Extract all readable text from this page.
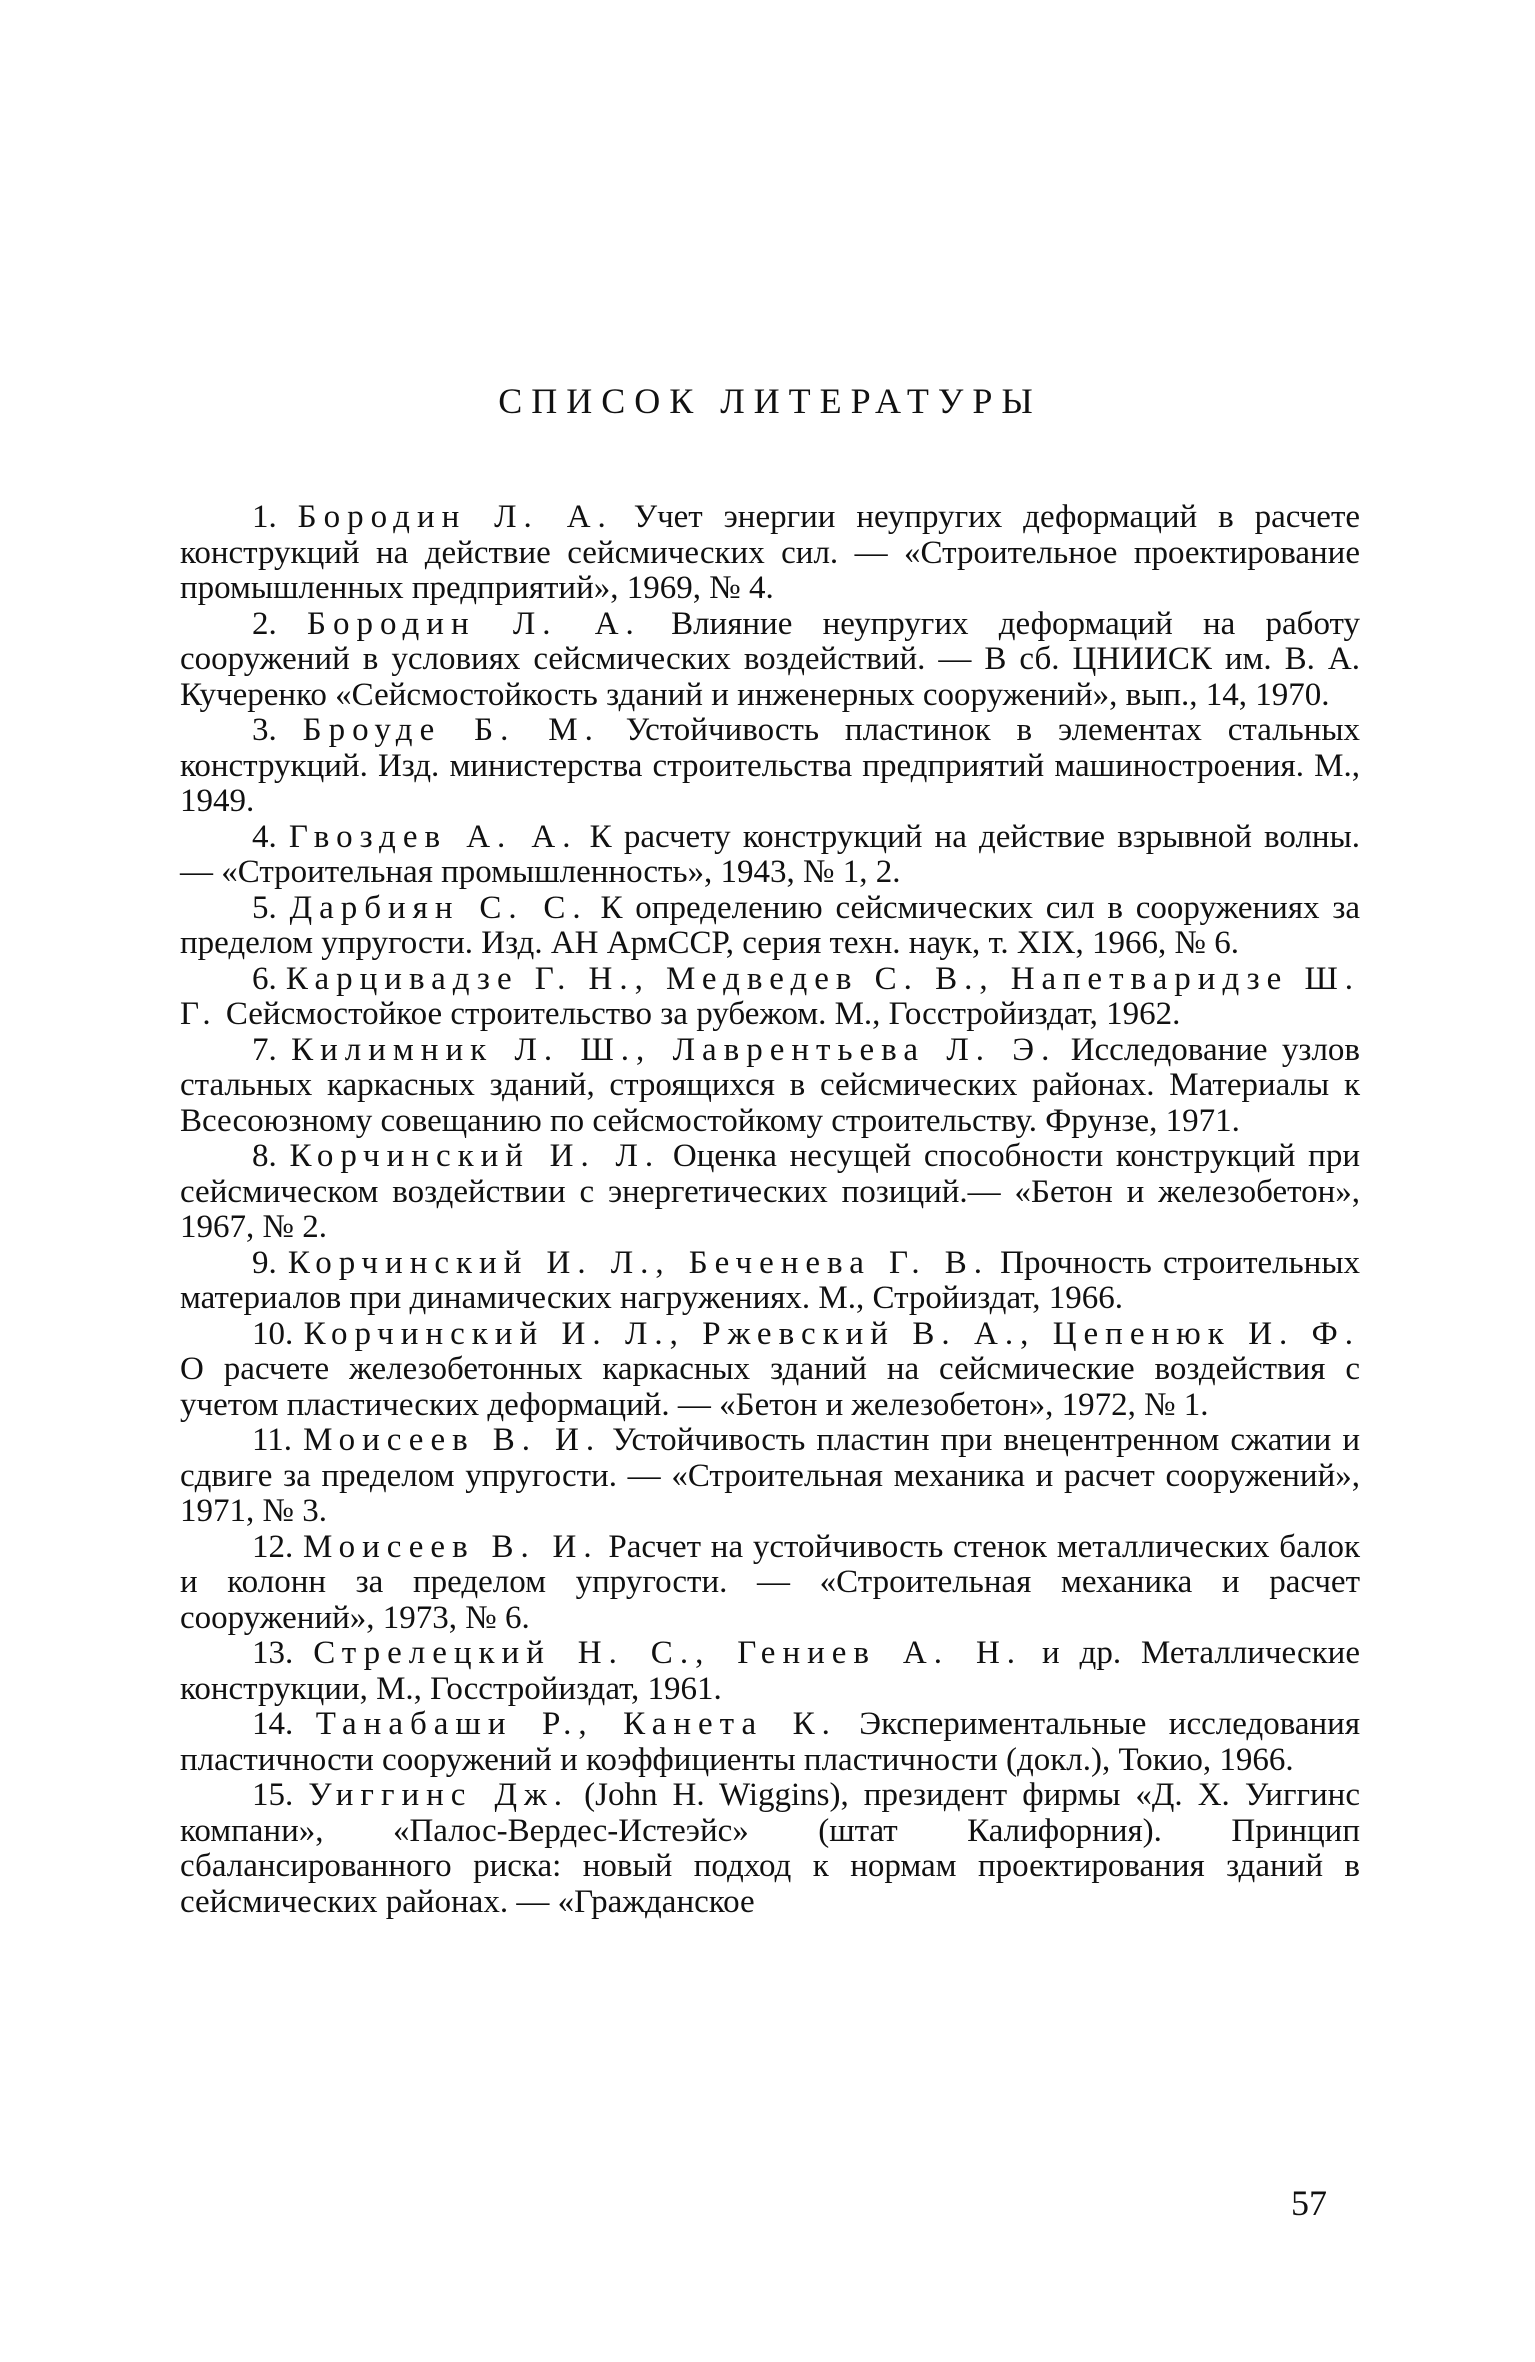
СПИСОК ЛИТЕРАТУРЫ
1. Бородин Л. А. Учет энергии неупругих деформаций в расчете конструкций на действие сейсмических сил. — «Строительное проектирование промышленных предприятий», 1969, № 4.
2. Бородин Л. А. Влияние неупругих деформаций на работу сооружений в условиях сейсмических воздействий. — В сб. ЦНИИСК им. В. А. Кучеренко «Сейсмостойкость зданий и инженерных сооружений», вып., 14, 1970.
3. Броуде Б. М. Устойчивость пластинок в элементах стальных конструкций. Изд. министерства строительства предприятий машиностроения. М., 1949.
4. Гвоздев А. А. К расчету конструкций на действие взрывной волны. — «Строительная промышленность», 1943, № 1, 2.
5. Дарбиян С. С. К определению сейсмических сил в сооружениях за пределом упругости. Изд. АН АрмССР, серия техн. наук, т. XIX, 1966, № 6.
6. Карцивадзе Г. Н., Медведев С. В., Напетваридзе Ш. Г. Сейсмостойкое строительство за рубежом. М., Госстройиздат, 1962.
7. Килимник Л. Ш., Лаврентьева Л. Э. Исследование узлов стальных каркасных зданий, строящихся в сейсмических районах. Материалы к Всесоюзному совещанию по сейсмостойкому строительству. Фрунзе, 1971.
8. Корчинский И. Л. Оценка несущей способности конструкций при сейсмическом воздействии с энергетических позиций.— «Бетон и железобетон», 1967, № 2.
9. Корчинский И. Л., Беченева Г. В. Прочность строительных материалов при динамических нагружениях. М., Стройиздат, 1966.
10. Корчинский И. Л., Ржевский В. А., Цепенюк И. Ф. О расчете железобетонных каркасных зданий на сейсмические воздействия с учетом пластических деформаций. — «Бетон и железобетон», 1972, № 1.
11. Моисеев В. И. Устойчивость пластин при внецентренном сжатии и сдвиге за пределом упругости. — «Строительная механика и расчет сооружений», 1971, № 3.
12. Моисеев В. И. Расчет на устойчивость стенок металлических балок и колонн за пределом упругости. — «Строительная механика и расчет сооружений», 1973, № 6.
13. Стрелецкий Н. С., Гениев А. Н. и др. Металлические конструкции, М., Госстройиздат, 1961.
14. Танабаши Р., Канета К. Экспериментальные исследования пластичности сооружений и коэффициенты пластичности (докл.), Токио, 1966.
15. Уиггинс Дж. (John H. Wiggins), президент фирмы «Д. Х. Уиггинс компани», «Палос-Вердес-Истеэйс» (штат Калифорния). Принцип сбалансированного риска: новый подход к нормам проектирования зданий в сейсмических районах. — «Гражданское
57
